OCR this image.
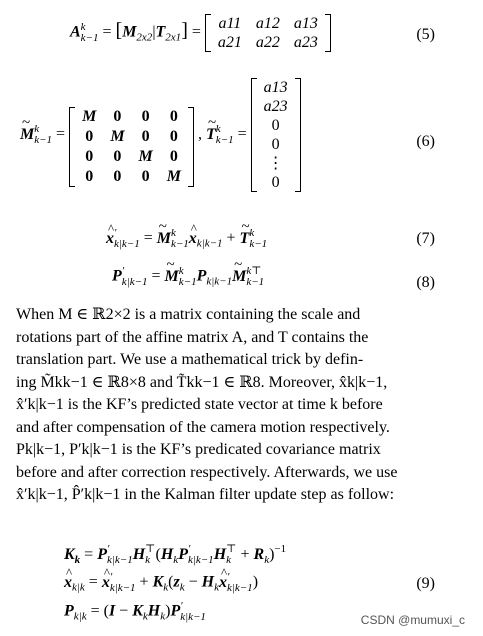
A k
$k-1 = [M_{2x2}|T_{2x1}]$ =
a11	a12	a13
a21	a22	a23	(5)
~ M k
k−1 =
M	0	0	0
0	M	0	0
0	0	M	0
0	0	0	M
, ~ T k
k−1 =
a13
a23
0
0
⋮
0
(6)
^ x ′
k|k−1 = ~ M k
k−1 ^ $x_{k|k-1}$ + ~ T k
k−1	(7)
P ′
k|k−1 = ~ M k
k−1 $P_{k|k-1}\sim$ M k⊤
k−1	(8)

When M ∈ ℝ2×2 is a matrix containing the scale and

rotations part of the affine matrix A, and T contains the

translation part. We use a mathematical trick by defin-

ing M̃kk−1 ∈ ℝ8×8 and T̃kk−1 ∈ ℝ8. Moreover, x̂k|k−1,

x̂′k|k−1 is the KF’s predicted state vector at time k before

and after compensation of the camera motion respectively.

Pk|k−1, P′k|k−1 is the KF’s predicated covariance matrix

before and after correction respectively. Afterwards, we use

x̂′k|k−1, P̂′k|k−1 in the Kalman filter update step as follow:

$K_k = P$ ′
k|k−1 H ⊤
k ($H_kP$ ′
k|k−1 H ⊤
$k + R_k)^{-1}$
^ $x_{k|k}$ = ^ x ′
$k|k-1 + K_k(z_k$ − $H_k\^{}$ x ′
k|k−1 )
$P_{k|k} = (I - K_kH_k)P$ ′
k|k−1
(9)
CSDN @mumuxi_c
